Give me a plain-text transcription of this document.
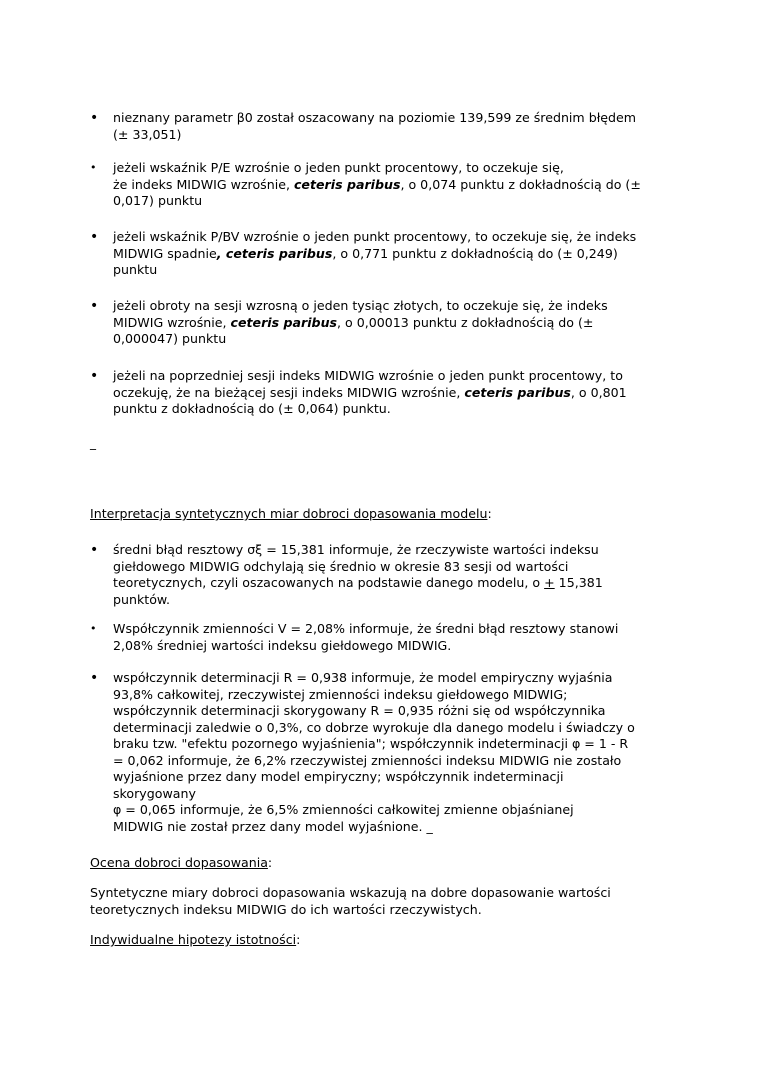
• nieznany parametr β0 został oszacowany na poziomie 139,599 ze średnim błędem
(± 33,051)
• jeżeli wskaźnik P/E wzrośnie o jeden punkt procentowy, to oczekuje się,
że indeks MIDWIG wzrośnie, ceteris paribus, o 0,074 punktu z dokładnością do (±
0,017) punktu
• jeżeli wskaźnik P/BV wzrośnie o jeden punkt procentowy, to oczekuje się, że indeks
MIDWIG spadnie, ceteris paribus, o 0,771 punktu z dokładnością do (± 0,249)
punktu
• jeżeli obroty na sesji wzrosną o jeden tysiąc złotych, to oczekuje się, że indeks
MIDWIG wzrośnie, ceteris paribus, o 0,00013 punktu z dokładnością do (±
0,000047) punktu
• jeżeli na poprzedniej sesji indeks MIDWIG wzrośnie o jeden punkt procentowy, to
oczekuję, że na bieżącej sesji indeks MIDWIG wzrośnie, ceteris paribus, o 0,801
punktu z dokładnością do (± 0,064) punktu.
_
Interpretacja syntetycznych miar dobroci dopasowania modelu:
• średni błąd resztowy σξ = 15,381 informuje, że rzeczywiste wartości indeksu
giełdowego MIDWIG odchylają się średnio w okresie 83 sesji od wartości
teoretycznych, czyli oszacowanych na podstawie danego modelu, o + 15,381
punktów.
• Współczynnik zmienności V = 2,08% informuje, że średni błąd resztowy stanowi
2,08% średniej wartości indeksu giełdowego MIDWIG.
• współczynnik determinacji R = 0,938 informuje, że model empiryczny wyjaśnia
93,8% całkowitej, rzeczywistej zmienności indeksu giełdowego MIDWIG;
współczynnik determinacji skorygowany R = 0,935 różni się od współczynnika
determinacji zaledwie o 0,3%, co dobrze wyrokuje dla danego modelu i świadczy o
braku tzw. "efektu pozornego wyjaśnienia"; współczynnik indeterminacji φ = 1 - R
= 0,062 informuje, że 6,2% rzeczywistej zmienności indeksu MIDWIG nie zostało
wyjaśnione przez dany model empiryczny; współczynnik indeterminacji
skorygowany
φ = 0,065 informuje, że 6,5% zmienności całkowitej zmienne objaśnianej
MIDWIG nie został przez dany model wyjaśnione. _
Ocena dobroci dopasowania:
Syntetyczne miary dobroci dopasowania wskazują na dobre dopasowanie wartości
teoretycznych indeksu MIDWIG do ich wartości rzeczywistych.
Indywidualne hipotezy istotności:
